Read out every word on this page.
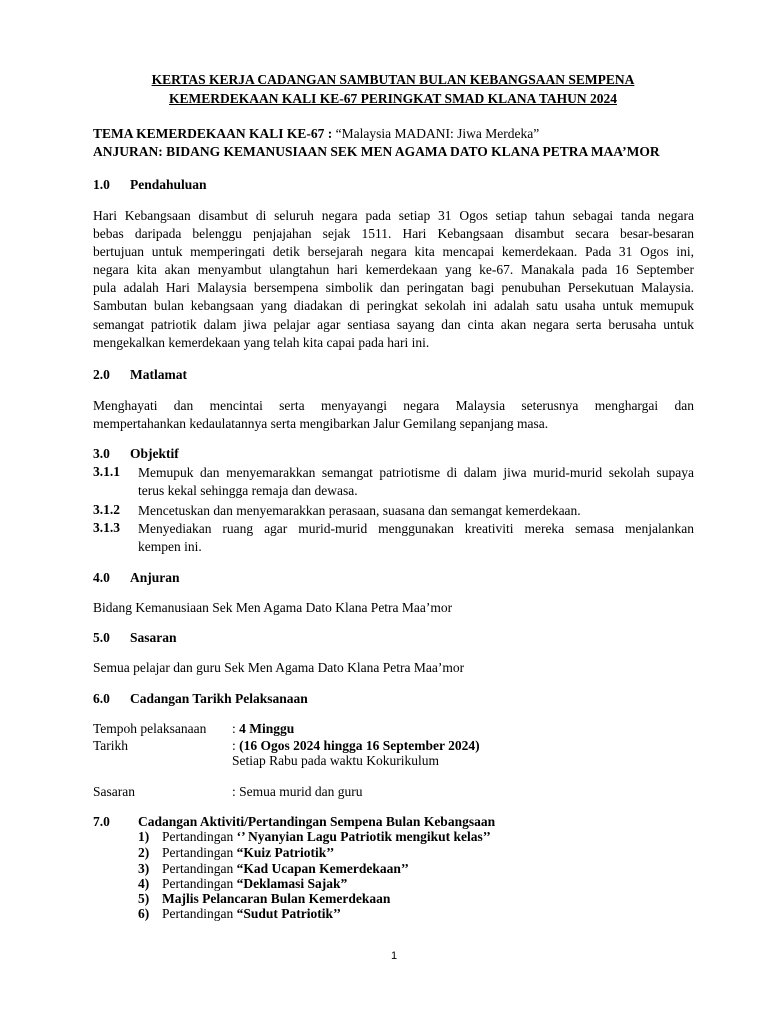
KERTAS KERJA CADANGAN SAMBUTAN BULAN KEBANGSAAN SEMPENA
KEMERDEKAAN KALI KE-67 PERINGKAT SMAD KLANA TAHUN 2024
TEMA KEMERDEKAAN KALI KE-67 : “Malaysia MADANI: Jiwa Merdeka”
ANJURAN: BIDANG KEMANUSIAAN SEK MEN AGAMA DATO KLANA PETRA MAA’MOR
1.0 Pendahuluan
Hari Kebangsaan disambut di seluruh negara pada setiap 31 Ogos setiap tahun sebagai tanda negara
bebas daripada belenggu penjajahan sejak 1511. Hari Kebangsaan disambut secara besar-besaran
bertujuan untuk memperingati detik bersejarah negara kita mencapai kemerdekaan. Pada 31 Ogos ini,
negara kita akan menyambut ulangtahun hari kemerdekaan yang ke-67. Manakala pada 16 September
pula adalah Hari Malaysia bersempena simbolik dan peringatan bagi penubuhan Persekutuan Malaysia.
Sambutan bulan kebangsaan yang diadakan di peringkat sekolah ini adalah satu usaha untuk memupuk
semangat patriotik dalam jiwa pelajar agar sentiasa sayang dan cinta akan negara serta berusaha untuk
mengekalkan kemerdekaan yang telah kita capai pada hari ini.
2.0 Matlamat
Menghayati dan mencintai serta menyayangi negara Malaysia seterusnya menghargai dan
mempertahankan kedaulatannya serta mengibarkan Jalur Gemilang sepanjang masa.
3.0 Objektif
3.1.1 Memupuk dan menyemarakkan semangat patriotisme di dalam jiwa murid-murid sekolah supaya
terus kekal sehingga remaja dan dewasa.
3.1.2 Mencetuskan dan menyemarakkan perasaan, suasana dan semangat kemerdekaan.
3.1.3 Menyediakan ruang agar murid-murid menggunakan kreativiti mereka semasa menjalankan
kempen ini.
4.0 Anjuran
Bidang Kemanusiaan Sek Men Agama Dato Klana Petra Maa’mor
5.0 Sasaran
Semua pelajar dan guru Sek Men Agama Dato Klana Petra Maa’mor
6.0 Cadangan Tarikh Pelaksanaan
Tempoh pelaksanaan : 4 Minggu
Tarikh	: (16 Ogos 2024 hingga 16 September 2024)
Setiap Rabu pada waktu Kokurikulum
Sasaran	: Semua murid dan guru
7.0 Cadangan Aktiviti/Pertandingan Sempena Bulan Kebangsaan
1) Pertandingan ‘’ Nyanyian Lagu Patriotik mengikut kelas’’
2) Pertandingan “Kuiz Patriotik’’
3) Pertandingan “Kad Ucapan Kemerdekaan’’
4) Pertandingan “Deklamasi Sajak”
5) Majlis Pelancaran Bulan Kemerdekaan
6) Pertandingan “Sudut Patriotik’’
1
